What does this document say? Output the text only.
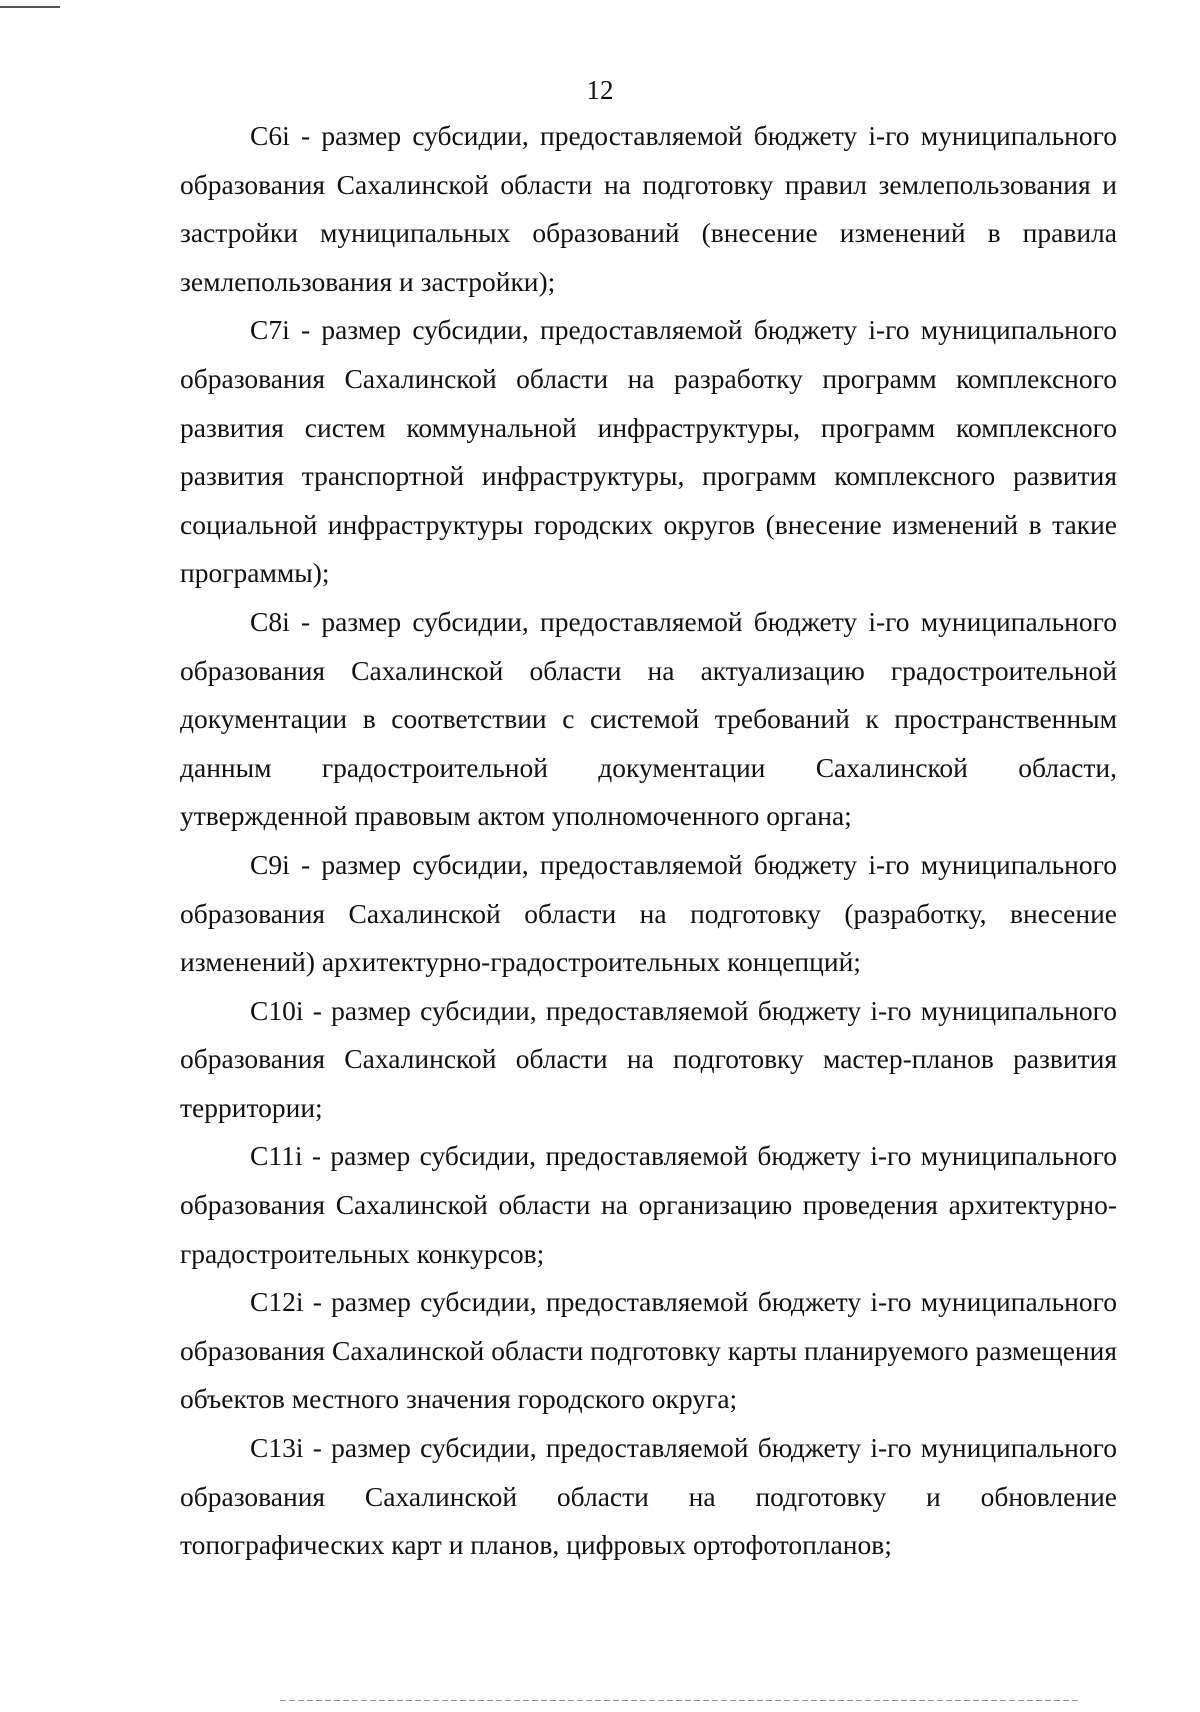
12

C6i - размер субсидии, предоставляемой бюджету i-го муниципального образования Сахалинской области на подготовку правил землепользования и застройки муниципальных образований (внесение изменений в правила землепользования и застройки);

C7i - размер субсидии, предоставляемой бюджету i-го муниципального образования Сахалинской области на разработку программ комплексного развития систем коммунальной инфраструктуры, программ комплексного развития транспортной инфраструктуры, программ комплексного развития социальной инфраструктуры городских округов (внесение изменений в такие программы);

C8i - размер субсидии, предоставляемой бюджету i-го муниципального образования Сахалинской области на актуализацию градостроительной документации в соответствии с системой требований к пространственным данным градостроительной документации Сахалинской области, утвержденной правовым актом уполномоченного органа;

C9i - размер субсидии, предоставляемой бюджету i-го муниципального образования Сахалинской области на подготовку (разработку, внесение изменений) архитектурно-градостроительных концепций;

C10i - размер субсидии, предоставляемой бюджету i-го муниципального образования Сахалинской области на подготовку мастер-планов развития территории;

C11i - размер субсидии, предоставляемой бюджету i-го муниципального образования Сахалинской области на организацию проведения архитектурно-градостроительных конкурсов;

C12i - размер субсидии, предоставляемой бюджету i-го муниципального образования Сахалинской области подготовку карты планируемого размещения объектов местного значения городского округа;

C13i - размер субсидии, предоставляемой бюджету i-го муниципального образования Сахалинской области на подготовку и обновление топографических карт и планов, цифровых ортофотопланов;
